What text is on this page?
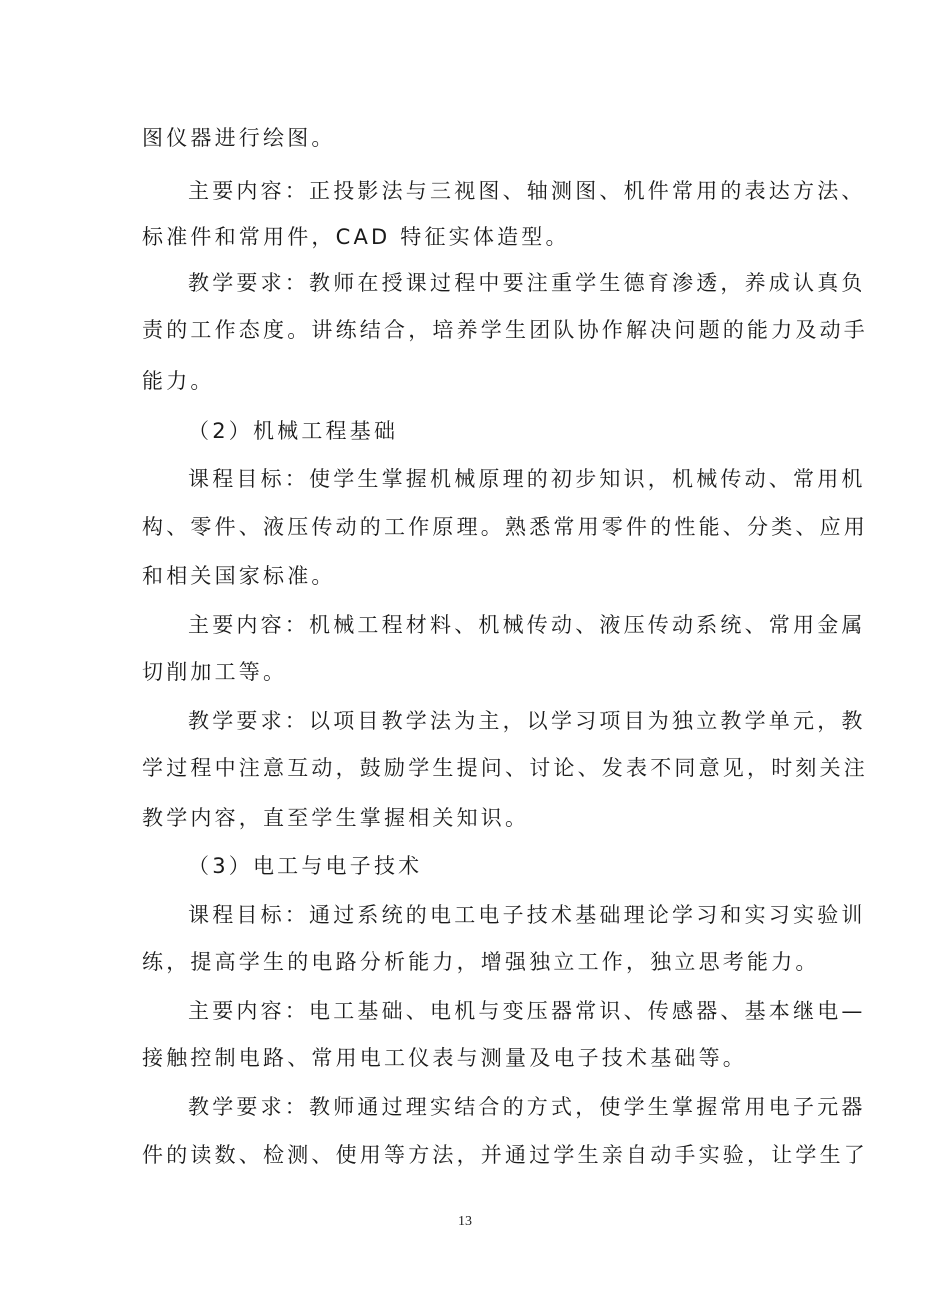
图仪器进行绘图。
主要内容：正投影法与三视图、轴测图、机件常用的表达方法、
标准件和常用件，CAD 特征实体造型。
教学要求：教师在授课过程中要注重学生德育渗透，养成认真负
责的工作态度。讲练结合，培养学生团队协作解决问题的能力及动手
能力。
（2）机械工程基础
课程目标：使学生掌握机械原理的初步知识，机械传动、常用机
构、零件、液压传动的工作原理。熟悉常用零件的性能、分类、应用
和相关国家标准。
主要内容：机械工程材料、机械传动、液压传动系统、常用金属
切削加工等。
教学要求：以项目教学法为主，以学习项目为独立教学单元，教
学过程中注意互动，鼓励学生提问、讨论、发表不同意见，时刻关注
教学内容，直至学生掌握相关知识。
（3）电工与电子技术
课程目标：通过系统的电工电子技术基础理论学习和实习实验训
练，提高学生的电路分析能力，增强独立工作，独立思考能力。
主要内容：电工基础、电机与变压器常识、传感器、基本继电—
接触控制电路、常用电工仪表与测量及电子技术基础等。
教学要求：教师通过理实结合的方式，使学生掌握常用电子元器
件的读数、检测、使用等方法，并通过学生亲自动手实验，让学生了
13
